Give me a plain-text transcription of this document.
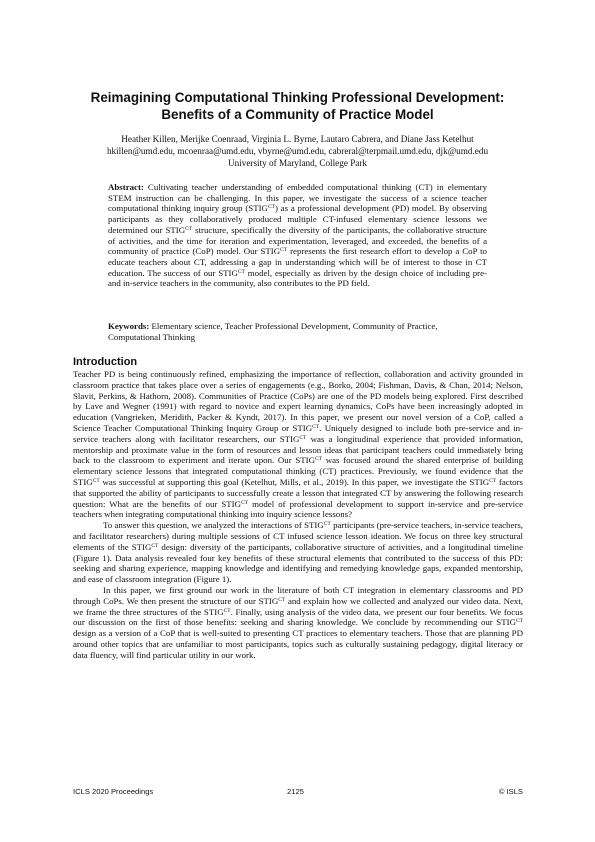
Reimagining Computational Thinking Professional Development:
Benefits of a Community of Practice Model
Heather Killen, Merijke Coenraad, Virginia L. Byrne, Lautaro Cabrera, and Diane Jass Ketelhut
hkillen@umd.edu, mcoenraa@umd.edu, vbyrne@umd.edu, cabreral@terpmail.umd.edu, djk@umd.edu
University of Maryland, College Park
Abstract: Cultivating teacher understanding of embedded computational thinking (CT) in elementary STEM instruction can be challenging. In this paper, we investigate the success of a science teacher computational thinking inquiry group $(STIG^{CT})$ as a professional development (PD) model. By observing participants as they collaboratively produced multiple CT-infused elementary science lessons we determined our $STIG^{CT}$ structure, specifically the diversity of the participants, the collaborative structure of activities, and the time for iteration and experimentation, leveraged, and exceeded, the benefits of a community of practice (CoP) model. Our $STIG^{CT}$ represents the first research effort to develop a CoP to educate teachers about CT, addressing a gap in understanding which will be of interest to those in CT education. The success of our $STIG^{CT}$ model, especially as driven by the design choice of including pre- and in-service teachers in the community, also contributes to the PD field.
Keywords: Elementary science, Teacher Professional Development, Community of Practice, Computational Thinking
Introduction

Teacher PD is being continuously refined, emphasizing the importance of reflection, collaboration and activity grounded in classroom practice that takes place over a series of engagements (e.g., Borko, 2004; Fishman, Davis, & Chan, 2014; Nelson, Slavit, Perkins, & Hathorn, 2008). Communities of Practice (CoPs) are one of the PD models being explored. First described by Lave and Wegner (1991) with regard to novice and expert learning dynamics, CoPs have been increasingly adopted in education (Vangrieken, Meridith, Packer & Kyndt, 2017). In this paper, we present our novel version of a CoP, called a Science Teacher Computational Thinking Inquiry Group or $STIG^{CT}$. Uniquely designed to include both pre-service and in-service teachers along with facilitator researchers, our $STIG^{CT}$ was a longitudinal experience that provided information, mentorship and proximate value in the form of resources and lesson ideas that participant teachers could immediately bring back to the classroom to experiment and iterate upon. Our $STIG^{CT}$ was focused around the shared enterprise of building elementary science lessons that integrated computational thinking (CT) practices. Previously, we found evidence that the $STIG^{CT}$ was successful at supporting this goal (Ketelhut, Mills, et al., 2019). In this paper, we investigate the $STIG^{CT}$ factors that supported the ability of participants to successfully create a lesson that integrated CT by answering the following research question: What are the benefits of our $STIG^{CT}$ model of professional development to support in-service and pre-service teachers when integrating computational thinking into inquiry science lessons?

To answer this question, we analyzed the interactions of $STIG^{CT}$ participants (pre-service teachers, in-service teachers, and facilitator researchers) during multiple sessions of CT infused science lesson ideation. We focus on three key structural elements of the $STIG^{CT}$ design: diversity of the participants, collaborative structure of activities, and a longitudinal timeline (Figure 1). Data analysis revealed four key benefits of these structural elements that contributed to the success of this PD: seeking and sharing experience, mapping knowledge and identifying and remedying knowledge gaps, expanded mentorship, and ease of classroom integration (Figure 1).

In this paper, we first ground our work in the literature of both CT integration in elementary classrooms and PD through CoPs. We then present the structure of our $STIG^{CT}$ and explain how we collected and analyzed our video data. Next, we frame the three structures of the $STIG^{CT}$. Finally, using analysis of the video data, we present our four benefits. We focus our discussion on the first of those benefits: seeking and sharing knowledge. We conclude by recommending our $STIG^{CT}$ design as a version of a CoP that is well-suited to presenting CT practices to elementary teachers. Those that are planning PD around other topics that are unfamiliar to most participants, topics such as culturally sustaining pedagogy, digital literacy or data fluency, will find particular utility in our work.

ICLS 2020 Proceedings	2125	© ISLS
